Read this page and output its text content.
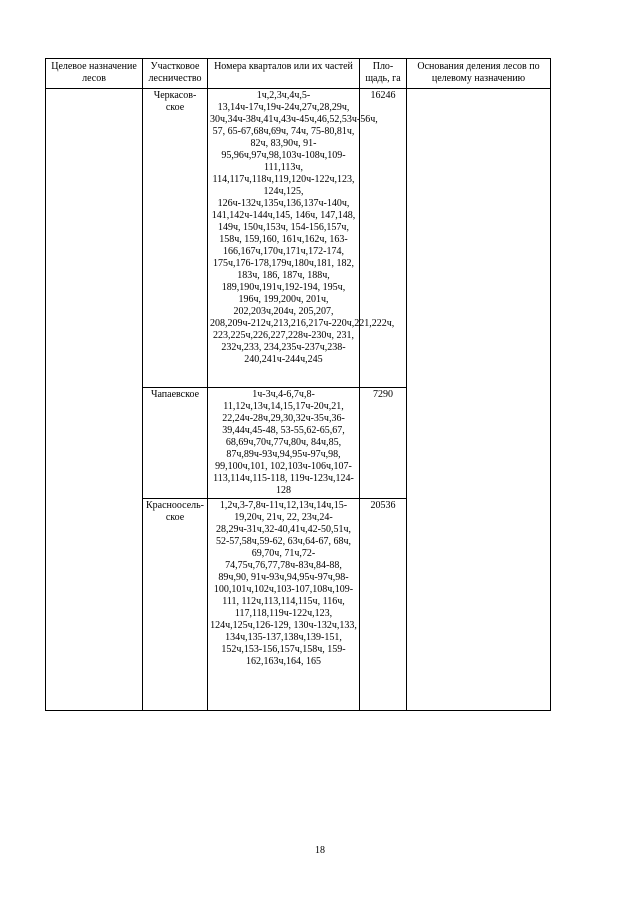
Целевое назначение лесов	Участковое лесничество	Номера кварталов или их частей	Пло-щадь, га	Основания деления лесов по целевому назначению
	Черкасов-ское	1ч,2,3ч,4ч,5-13,14ч-17ч,19ч-24ч,27ч,28,29ч, 30ч,34ч-38ч,41ч,43ч-45ч,46,52,53ч-56ч, 57, 65-67,68ч,69ч, 74ч, 75-80,81ч, 82ч, 83,90ч, 91-95,96ч,97ч,98,103ч-108ч,109-111,113ч, 114,117ч,118ч,119,120ч-122ч,123, 124ч,125, 126ч-132ч,135ч,136,137ч-140ч, 141,142ч-144ч,145, 146ч, 147,148, 149ч, 150ч,153ч, 154-156,157ч, 158ч, 159,160, 161ч,162ч, 163-166,167ч,170ч,171ч,172-174, 175ч,176-178,179ч,180ч,181, 182, 183ч, 186, 187ч, 188ч, 189,190ч,191ч,192-194, 195ч, 196ч, 199,200ч, 201ч, 202,203ч,204ч, 205,207, 208,209ч-212ч,213,216,217ч-220ч,221,222ч, 223,225ч,226,227,228ч-230ч, 231, 232ч,233, 234,235ч-237ч,238-240,241ч-244ч,245	16246	
	Чапаевское	1ч-3ч,4-6,7ч,8-11,12ч,13ч,14,15,17ч-20ч,21, 22,24ч-28ч,29,30,32ч-35ч,36-39,44ч,45-48, 53-55,62-65,67, 68,69ч,70ч,77ч,80ч, 84ч,85, 87ч,89ч-93ч,94,95ч-97ч,98, 99,100ч,101, 102,103ч-106ч,107-113,114ч,115-118, 119ч-123ч,124-128	7290	
	Красноосель-ское	1,2ч,3-7,8ч-11ч,12,13ч,14ч,15-19,20ч, 21ч, 22, 23ч,24-28,29ч-31ч,32-40,41ч,42-50,51ч, 52-57,58ч,59-62, 63ч,64-67, 68ч, 69,70ч, 71ч,72-74,75ч,76,77,78ч-83ч,84-88, 89ч,90, 91ч-93ч,94,95ч-97ч,98-100,101ч,102ч,103-107,108ч,109-111, 112ч,113,114,115ч, 116ч, 117,118,119ч-122ч,123, 124ч,125ч,126-129, 130ч-132ч,133, 134ч,135-137,138ч,139-151, 152ч,153-156,157ч,158ч, 159-162,163ч,164, 165	20536	
18
